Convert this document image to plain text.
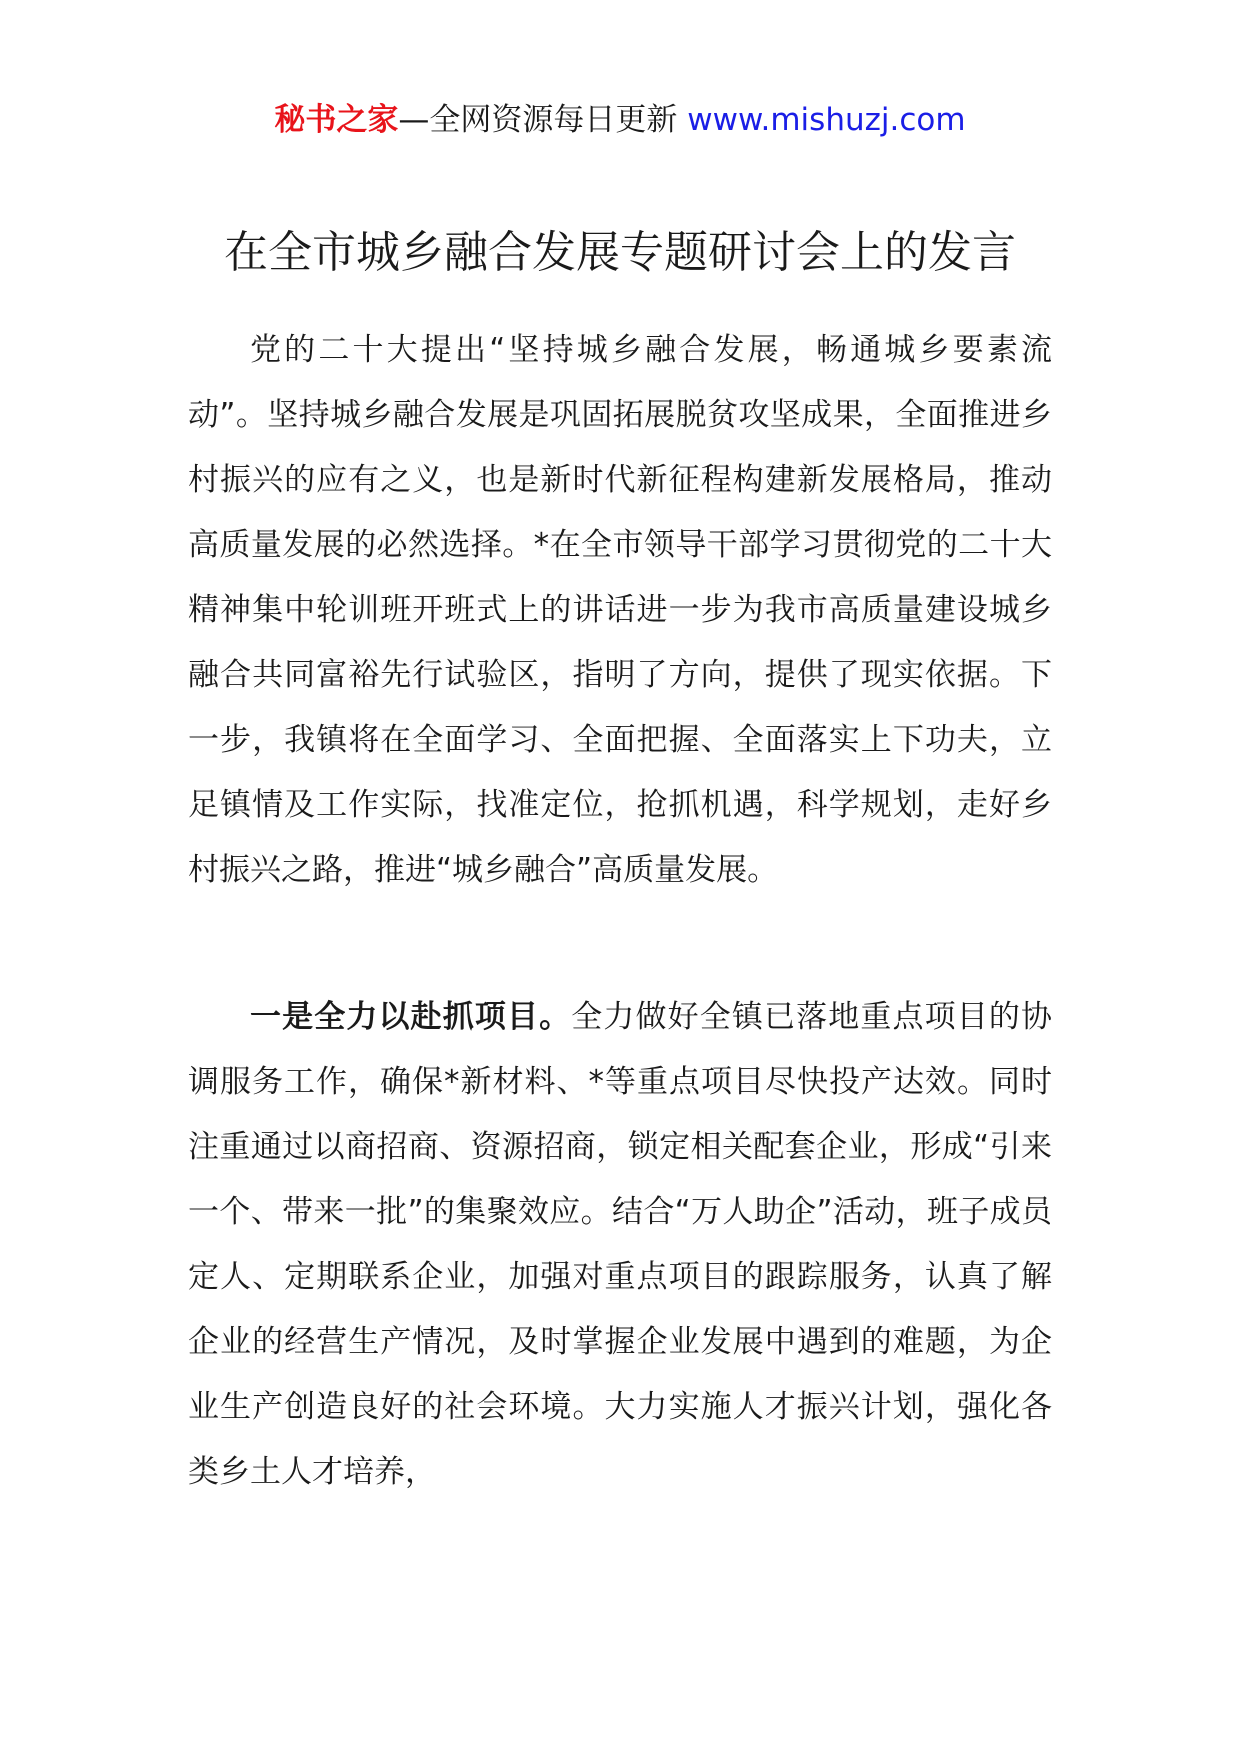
秘书之家—全网资源每日更新 www.mishuzj.com
在全市城乡融合发展专题研讨会上的发言

党的二十大提出“坚持城乡融合发展，畅通城乡要素流动”。坚持城乡融合发展是巩固拓展脱贫攻坚成果，全面推进乡村振兴的应有之义，也是新时代新征程构建新发展格局，推动高质量发展的必然选择。*在全市领导干部学习贯彻党的二十大精神集中轮训班开班式上的讲话进一步为我市高质量建设城乡融合共同富裕先行试验区，指明了方向，提供了现实依据。下一步，我镇将在全面学习、全面把握、全面落实上下功夫，立足镇情及工作实际，找准定位，抢抓机遇，科学规划，走好乡村振兴之路，推进“城乡融合”高质量发展。

一是全力以赴抓项目。全力做好全镇已落地重点项目的协调服务工作，确保*新材料、*等重点项目尽快投产达效。同时注重通过以商招商、资源招商，锁定相关配套企业，形成“引来一个、带来一批”的集聚效应。结合“万人助企”活动，班子成员定人、定期联系企业，加强对重点项目的跟踪服务，认真了解企业的经营生产情况，及时掌握企业发展中遇到的难题，为企业生产创造良好的社会环境。大力实施人才振兴计划，强化各类乡土人才培养，
